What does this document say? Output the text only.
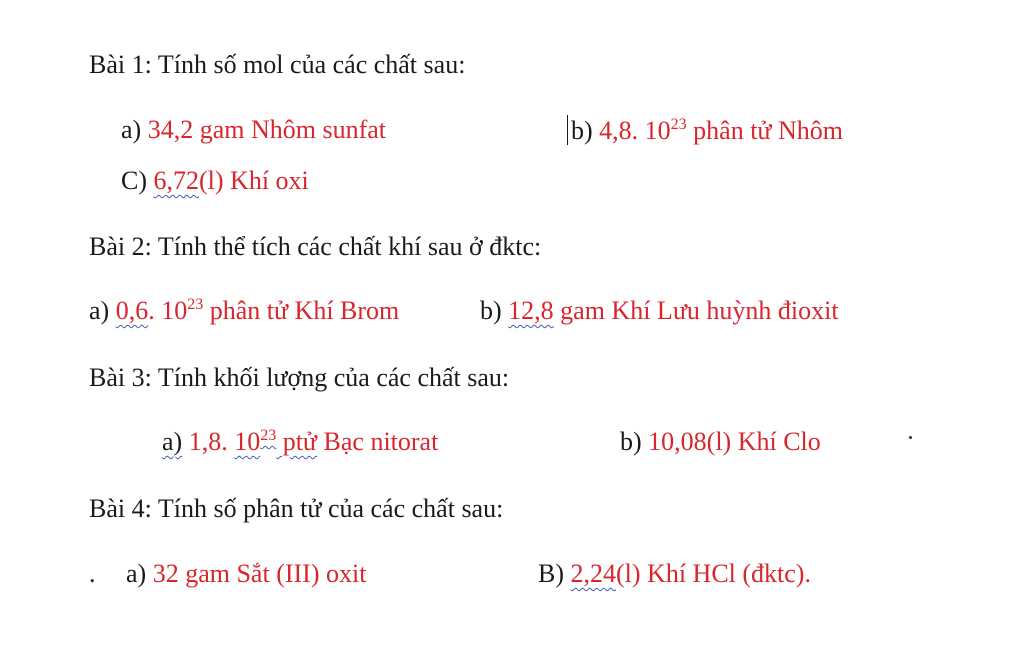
Bài 1: Tính số mol của các chất sau:
a) 34,2 gam Nhôm sunfat	b) 4,8. $10^{23}$ phân tử Nhôm
C) 6,72(l) Khí oxi
Bài 2: Tính thể tích các chất khí sau ở đktc:
a) 0,6. $10^{23}$ phân tử Khí Brom	b) 12,8 gam Khí Lưu huỳnh đioxit
Bài 3: Tính khối lượng của các chất sau:
a) 1,8. $10^{23}$ ptử Bạc nitorat	b) 10,08(l) Khí Clo
Bài 4: Tính số phân tử của các chất sau:
. a) 32 gam Sắt (III) oxit	B) 2,24(l) Khí HCl (đktc).
